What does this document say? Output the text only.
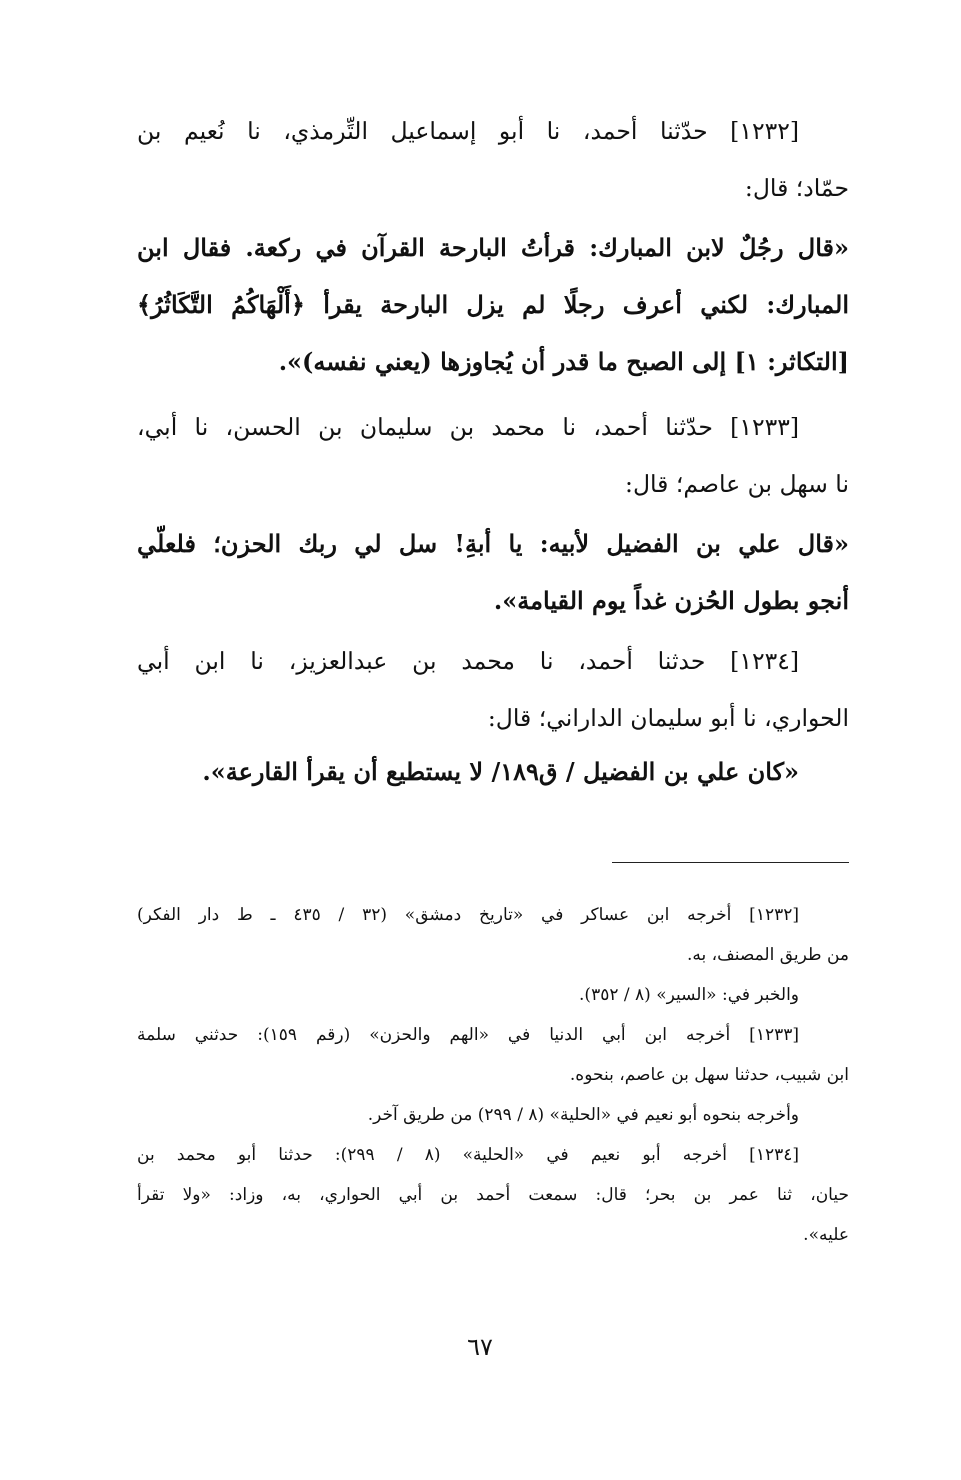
[١٢٣٢] حدّثنا أحمد، نا أبو إسماعيل التِّرمذي، نا نُعيم بن
حمّاد؛ قال:
«قال رجُلٌ لابن المبارك: قرأتُ البارحة القرآن في ركعة. فقال ابن
المبارك: لكني أعرف رجلًا لم يزل البارحة يقرأ ﴿أَلْهَاكُمُ التَّكَاثُرُ﴾
[التكاثر: ١] إلى الصبح ما قدر أن يُجاوزها (يعني نفسه)».
[١٢٣٣] حدّثنا أحمد، نا محمد بن سليمان بن الحسن، نا أبي،
نا سهل بن عاصم؛ قال:
«قال علي بن الفضيل لأبيه: يا أبةِ! سل لي ربك الحزن؛ فلعلّي
أنجو بطول الحُزن غداً يوم القيامة».
[١٢٣٤] حدثنا أحمد، نا محمد بن عبدالعزيز، نا ابن أبي
الحواري، نا أبو سليمان الداراني؛ قال:
«كان علي بن الفضيل / ق١٨٩/ لا يستطيع أن يقرأ القارعة».
[١٢٣٢] أخرجه ابن عساكر في «تاريخ دمشق» (٣٢ / ٤٣٥ ـ ط دار الفكر)
من طريق المصنف، به.
والخبر في: «السير» (٨ / ٣٥٢).
[١٢٣٣] أخرجه ابن أبي الدنيا في «الهم والحزن» (رقم ١٥٩): حدثني سلمة
ابن شبيب، حدثنا سهل بن عاصم، بنحوه.
وأخرجه بنحوه أبو نعيم في «الحلية» (٨ / ٢٩٩) من طريق آخر.
[١٢٣٤] أخرجه أبو نعيم في «الحلية» (٨ / ٢٩٩): حدثنا أبو محمد بن
حيان، ثنا عمر بن بحر؛ قال: سمعت أحمد بن أبي الحواري، به، وزاد: «ولا تقرأ
عليه».
٦٧
